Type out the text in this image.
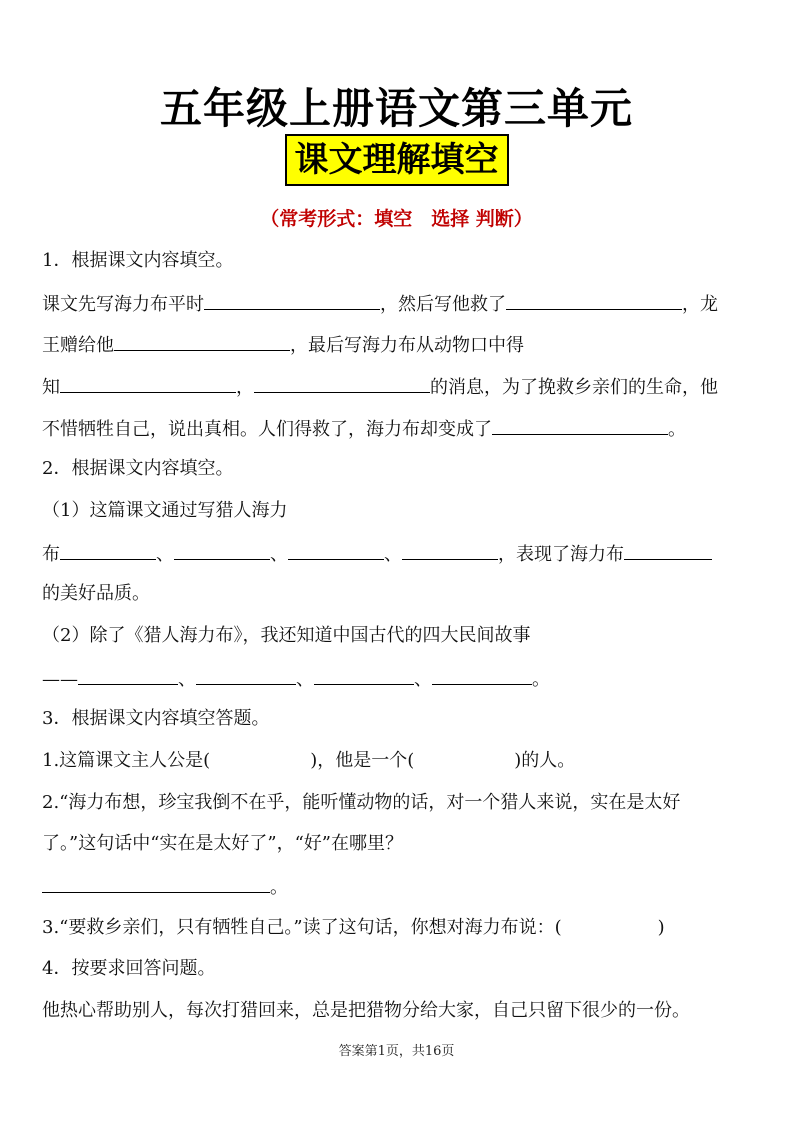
五年级上册语文第三单元
课文理解填空
（常考形式：填空　选择 判断）
1．根据课文内容填空。
课文先写海力布平时	，然后写他救了	，龙
王赠给他	，最后写海力布从动物口中得
知	，	的消息，为了挽救乡亲们的生命，他
不惜牺牲自己，说出真相。人们得救了，海力布却变成了	。
2．根据课文内容填空。
（1）这篇课文通过写猎人海力
布	、	、	、	，表现了海力布
的美好品质。
（2）除了《猎人海力布》，我还知道中国古代的四大民间故事
——	、	、	、	。
3．根据课文内容填空答题。
1.这篇课文主人公是(	)，他是一个(	)的人。
2.“海力布想，珍宝我倒不在乎，能听懂动物的话，对一个猎人来说，实在是太好
了。”这句话中“实在是太好了”，“好”在哪里？
。
3.“要救乡亲们，只有牺牲自己。”读了这句话，你想对海力布说：(	)
4．按要求回答问题。
他热心帮助别人，每次打猎回来，总是把猎物分给大家，自己只留下很少的一份。
答案第1页，共16页
